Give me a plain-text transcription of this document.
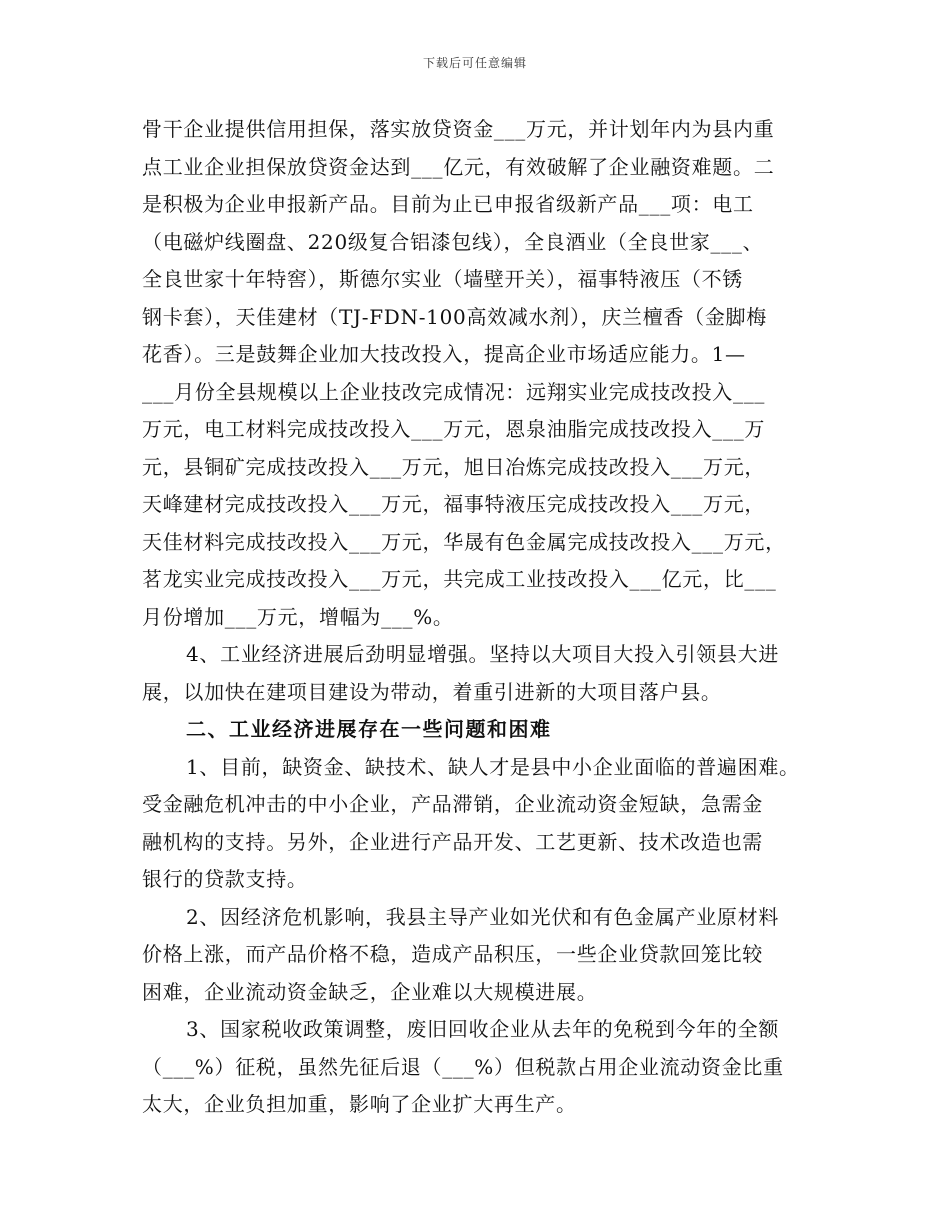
下载后可任意编辑
骨干企业提供信用担保，落实放贷资金___万元，并计划年内为县内重
点工业企业担保放贷资金达到___亿元，有效破解了企业融资难题。二
是积极为企业申报新产品。目前为止已申报省级新产品___项：电工
（电磁炉线圈盘、220级复合铝漆包线），全良酒业（全良世家___、
全良世家十年特窖），斯德尔实业（墙壁开关），福事特液压（不锈
钢卡套），天佳建材（TJ-FDN-100高效减水剂），庆兰檀香（金脚梅
花香）。三是鼓舞企业加大技改投入，提高企业市场适应能力。1—
___月份全县规模以上企业技改完成情况：远翔实业完成技改投入___
万元，电工材料完成技改投入___万元，恩泉油脂完成技改投入___万
元，县铜矿完成技改投入___万元，旭日冶炼完成技改投入___万元，
天峰建材完成技改投入___万元，福事特液压完成技改投入___万元，
天佳材料完成技改投入___万元，华晟有色金属完成技改投入___万元，
茗龙实业完成技改投入___万元，共完成工业技改投入___亿元，比___
月份增加___万元，增幅为___%。
4、工业经济进展后劲明显增强。坚持以大项目大投入引领县大进
展，以加快在建项目建设为带动，着重引进新的大项目落户县。
二、工业经济进展存在一些问题和困难
1、目前，缺资金、缺技术、缺人才是县中小企业面临的普遍困难。
受金融危机冲击的中小企业，产品滞销，企业流动资金短缺，急需金
融机构的支持。另外，企业进行产品开发、工艺更新、技术改造也需
银行的贷款支持。
2、因经济危机影响，我县主导产业如光伏和有色金属产业原材料
价格上涨，而产品价格不稳，造成产品积压，一些企业贷款回笼比较
困难，企业流动资金缺乏，企业难以大规模进展。
3、国家税收政策调整，废旧回收企业从去年的免税到今年的全额
（___%）征税，虽然先征后退（___%）但税款占用企业流动资金比重
太大，企业负担加重，影响了企业扩大再生产。
